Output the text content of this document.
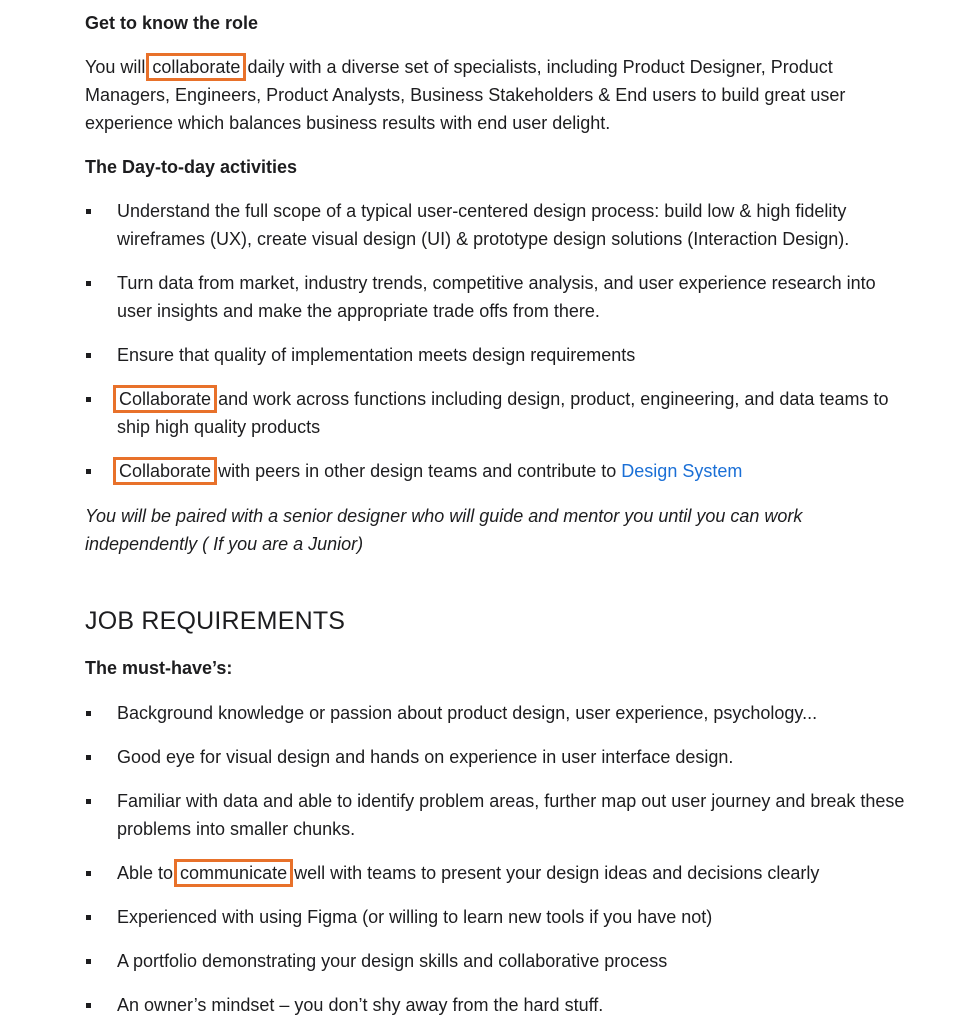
Get to know the role

You will collaborate daily with a diverse set of specialists, including Product Designer, Product Managers, Engineers, Product Analysts, Business Stakeholders & End users to build great user experience which balances business results with end user delight.

The Day-to-day activities

Understand the full scope of a typical user-centered design process: build low & high fidelity wireframes (UX), create visual design (UI) & prototype design solutions (Interaction Design).
Turn data from market, industry trends, competitive analysis, and user experience research into user insights and make the appropriate trade offs from there.
Ensure that quality of implementation meets design requirements
Collaborate and work across functions including design, product, engineering, and data teams to ship high quality products
Collaborate with peers in other design teams and contribute to Design System

You will be paired with a senior designer who will guide and mentor you until you can work independently ( If you are a Junior)

JOB REQUIREMENTS

The must-have’s:

Background knowledge or passion about product design, user experience, psychology...
Good eye for visual design and hands on experience in user interface design.
Familiar with data and able to identify problem areas, further map out user journey and break these problems into smaller chunks.
Able to communicate well with teams to present your design ideas and decisions clearly
Experienced with using Figma (or willing to learn new tools if you have not)
A portfolio demonstrating your design skills and collaborative process
An owner’s mindset – you don’t shy away from the hard stuff.
